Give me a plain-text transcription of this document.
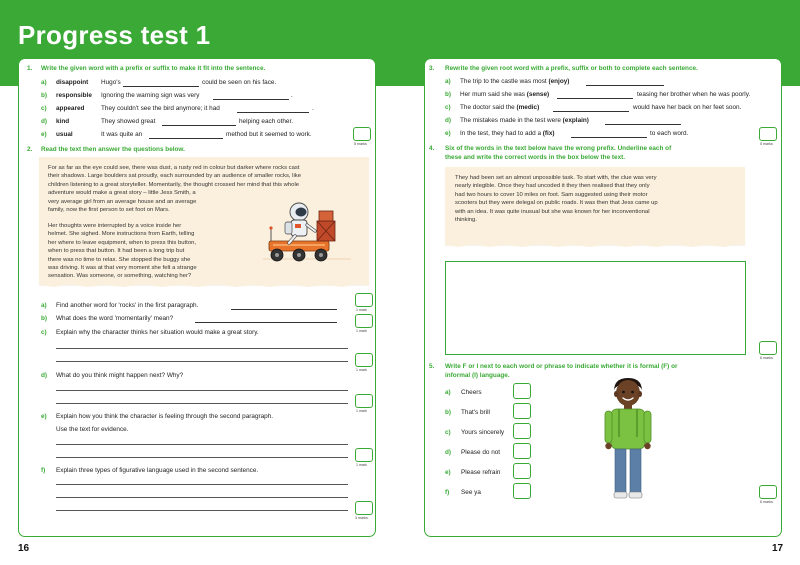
Progress test 1
1. Write the given word with a prefix or suffix to make it fit into the sentence.
a) disappoint Hugo's	could be seen on his face.
b) responsible Ignoring the warning sign was very	.
c) appeared	They couldn't see the bird anymore; it had	.
d) kind	They showed great	helping each other.
e) usual	It was quite an	method but it seemed to work.
5 marks
2. Read the text then answer the questions below.

For as far as the eye could see, there was dust, a rusty red in colour but darker where rocks cast

their shadows. Large boulders sat proudly, each surrounded by an audience of smaller rocks, like

children listening to a great storyteller. Momentarily, the thought crossed her mind that this whole

adventure would make a great story – little Jess Smith, a

very average girl from an average house and an average

family, now the first person to set foot on Mars.

Her thoughts were interrupted by a voice inside her

helmet. She sighed. More instructions from Earth, telling

her where to leave equipment, when to press this button,

when to press that button. It had been a long trip but

there was no time to relax. She stopped the buggy she

was driving. It was at that very moment she felt a strange

sensation. Was someone, or something, watching her?

a) Find another word for 'rocks' in the first paragraph.
1 mark
b) What does the word 'momentarily' mean?
1 mark
c) Explain why the character thinks her situation would make a great story.
1 mark
d) What do you think might happen next? Why?
1 mark
e) Explain how you think the character is feeling through the second paragraph.
Use the text for evidence.
1 mark
f) Explain three types of figurative language used in the second sentence.
3 marks
3. Rewrite the given root word with a prefix, suffix or both to complete each sentence.
a) The trip to the castle was most (enjoy)
b) Her mum said she was (sense)	teasing her brother when he was poorly.
c) The doctor said the (medic)	would have her back on her feet soon.
d) The mistakes made in the test were (explain)
e) In the test, they had to add a (fix)	to each word.
5 marks
4. Six of the words in the text below have the wrong prefix. Underline each of
these and write the correct words in the box below the text.

They had been set an almost unpossible task. To start with, the clue was very

nearly inlegible. Once they had uncoded it they then realised that they only

had two hours to cover 10 miles on foot. Sam suggested using their motor

scooters but they were delegal on public roads. It was then that Jess came up

with an idea. It was quite inusual but she was known for her inconventional

thinking.

6 marks
5. Write F or I next to each word or phrase to indicate whether it is formal (F) or
informal (I) language.
a) Cheers
b) That's brill
c) Yours sincerely
d) Please do not
e) Please refrain
f) See ya
6 marks
16	17
